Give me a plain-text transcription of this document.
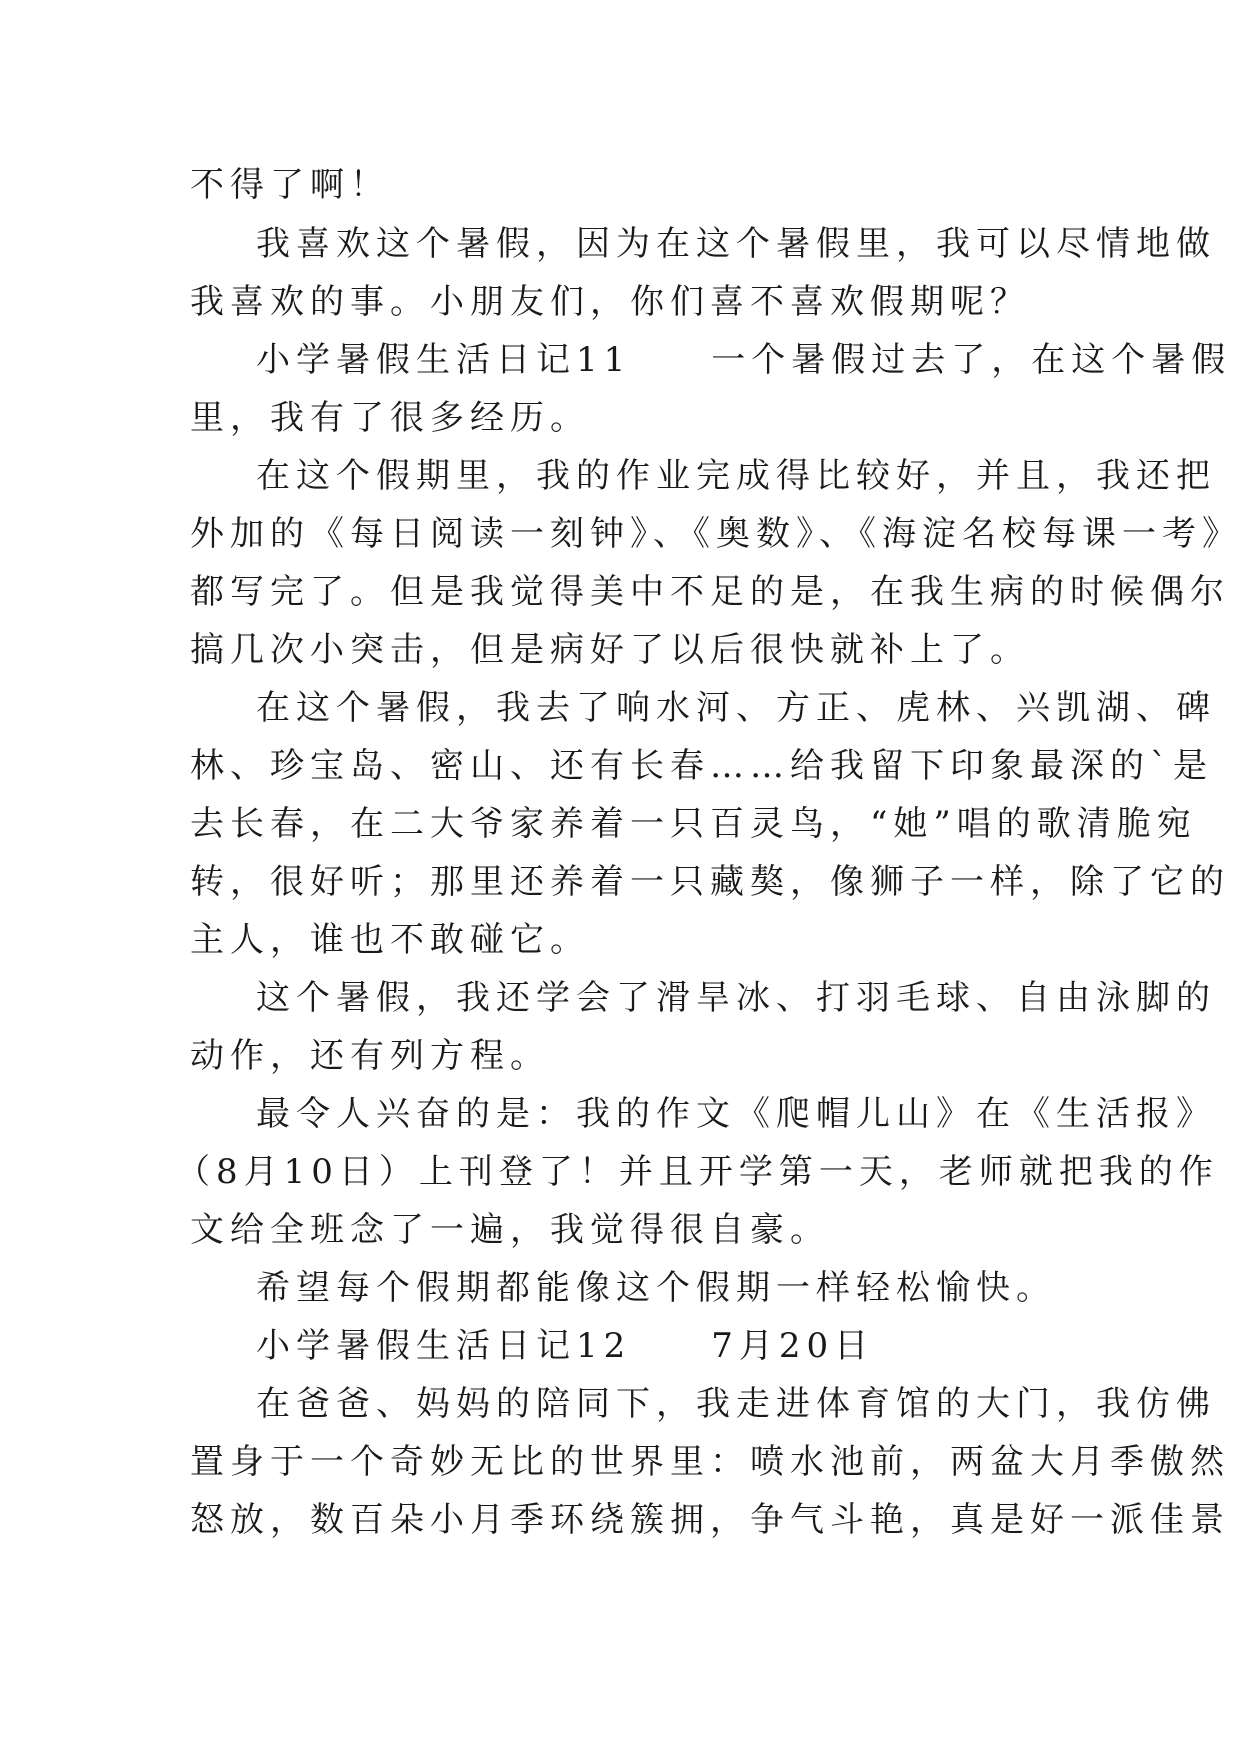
不得了啊！
我喜欢这个暑假，因为在这个暑假里，我可以尽情地做
我喜欢的事。小朋友们，你们喜不喜欢假期呢？
小学暑假生活日记11　　一个暑假过去了，在这个暑假
里，我有了很多经历。
在这个假期里，我的作业完成得比较好，并且，我还把
外加的《每日阅读一刻钟》、《奥数》、《海淀名校每课一考》
都写完了。但是我觉得美中不足的是，在我生病的时候偶尔
搞几次小突击，但是病好了以后很快就补上了。
在这个暑假，我去了响水河、方正、虎林、兴凯湖、碑
林、珍宝岛、密山、还有长春……给我留下印象最深的`是
去长春，在二大爷家养着一只百灵鸟，“她”唱的歌清脆宛
转，很好听；那里还养着一只藏獒，像狮子一样，除了它的
主人，谁也不敢碰它。
这个暑假，我还学会了滑旱冰、打羽毛球、自由泳脚的
动作，还有列方程。
最令人兴奋的是：我的作文《爬帽儿山》在《生活报》
（8月10日）上刊登了！并且开学第一天，老师就把我的作
文给全班念了一遍，我觉得很自豪。
希望每个假期都能像这个假期一样轻松愉快。
小学暑假生活日记12　　7月20日
在爸爸、妈妈的陪同下，我走进体育馆的大门，我仿佛
置身于一个奇妙无比的世界里：喷水池前，两盆大月季傲然
怒放，数百朵小月季环绕簇拥，争气斗艳，真是好一派佳景
